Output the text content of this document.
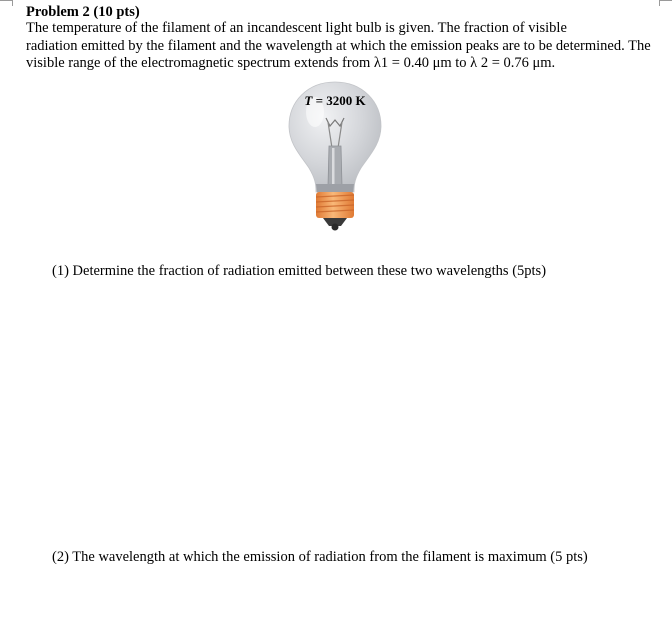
Problem 2 (10 pts)
The temperature of the filament of an incandescent light bulb is given. The fraction of visible
radiation emitted by the filament and the wavelength at which the emission peaks are to be determined. The
visible range of the electromagnetic spectrum extends from λ1 = 0.40 μm to λ 2 = 0.76 μm.
T = 3200 K
(1) Determine the fraction of radiation emitted between these two wavelengths (5pts)
(2) The wavelength at which the emission of radiation from the filament is maximum (5 pts)
